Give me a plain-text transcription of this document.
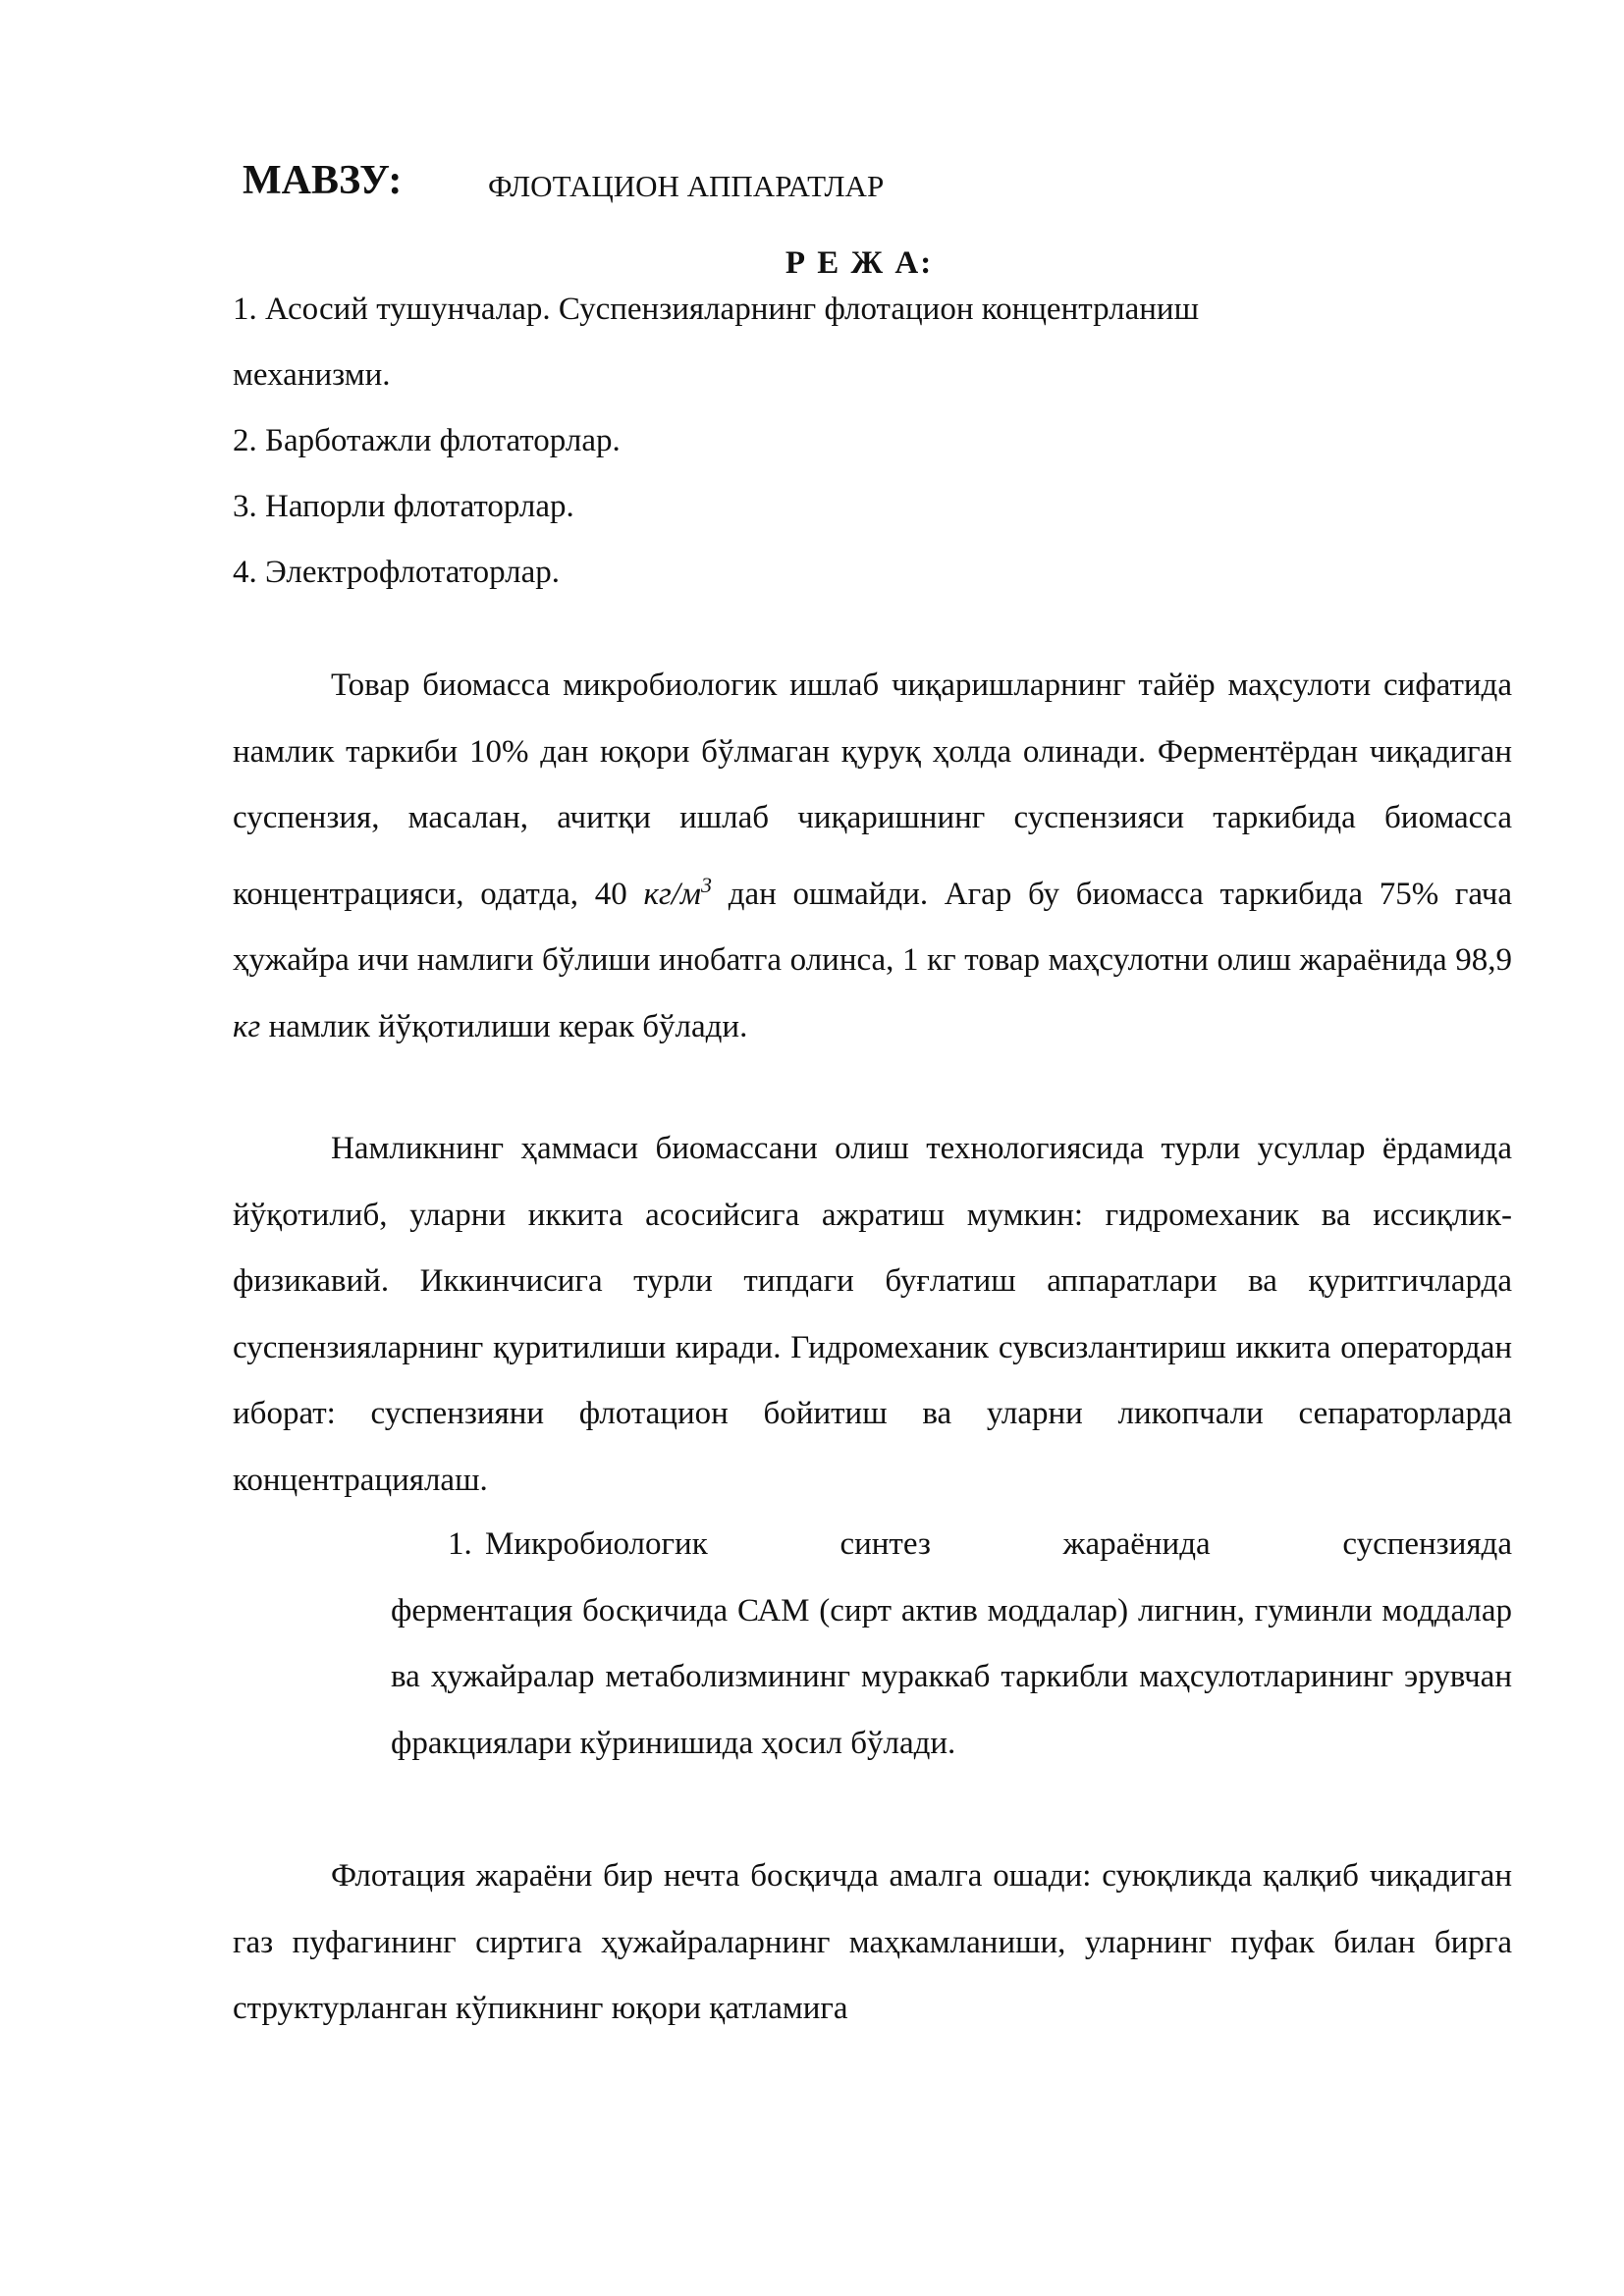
МАВЗУ:	ФЛОТАЦИОН АППАРАТЛАР
Р Е Ж А:
1. Асосий тушунчалар. Суспензияларнинг флотацион концентрланиш
механизми.
2. Барботажли флотаторлар.
3. Напорли флотаторлар.
4. Электрофлотаторлар.

Товар биомасса микробиологик ишлаб чиқаришларнинг тайёр маҳсулоти сифатида намлик таркиби 10% дан юқори бўлмаган қуруқ ҳолда олинади. Ферментёрдан чиқадиган суспензия, масалан, ачитқи ишлаб чиқаришнинг суспензияси таркибида биомасса концентрацияси, одатда, 40 $кг/м^3$ дан ошмайди. Агар бу биомасса таркибида 75% гача ҳужайра ичи намлиги бўлиши инобатга олинса, 1 кг товар маҳсулотни олиш жараёнида 98,9 кг намлик йўқотилиши керак бўлади.

Намликнинг ҳаммаси биомассани олиш технологиясида турли усуллар ёрдамида йўқотилиб, уларни иккита асосийсига ажратиш мумкин: гидромеханик ва иссиқлик-физикавий. Иккинчисига турли типдаги буғлатиш аппаратлари ва қуритгичларда суспензияларнинг қуритилиши киради. Гидромеханик сувсизлантириш иккита оператордан иборат: суспензияни флотацион бойитиш ва уларни ликопчали сепараторларда концентрациялаш.

1. Микробиологик синтез жараёнида суспензияда
ферментация босқичида САМ (сирт актив моддалар) лигнин, гуминли моддалар ва ҳужайралар метаболизмининг мураккаб таркибли маҳсулотларининг эрувчан фракциялари кўринишида ҳосил бўлади.

Флотация жараёни бир нечта босқичда амалга ошади: суюқликда қалқиб чиқадиган газ пуфагининг сиртига ҳужайраларнинг маҳкамланиши, уларнинг пуфак билан бирга структурланган кўпикнинг юқори қатламига
